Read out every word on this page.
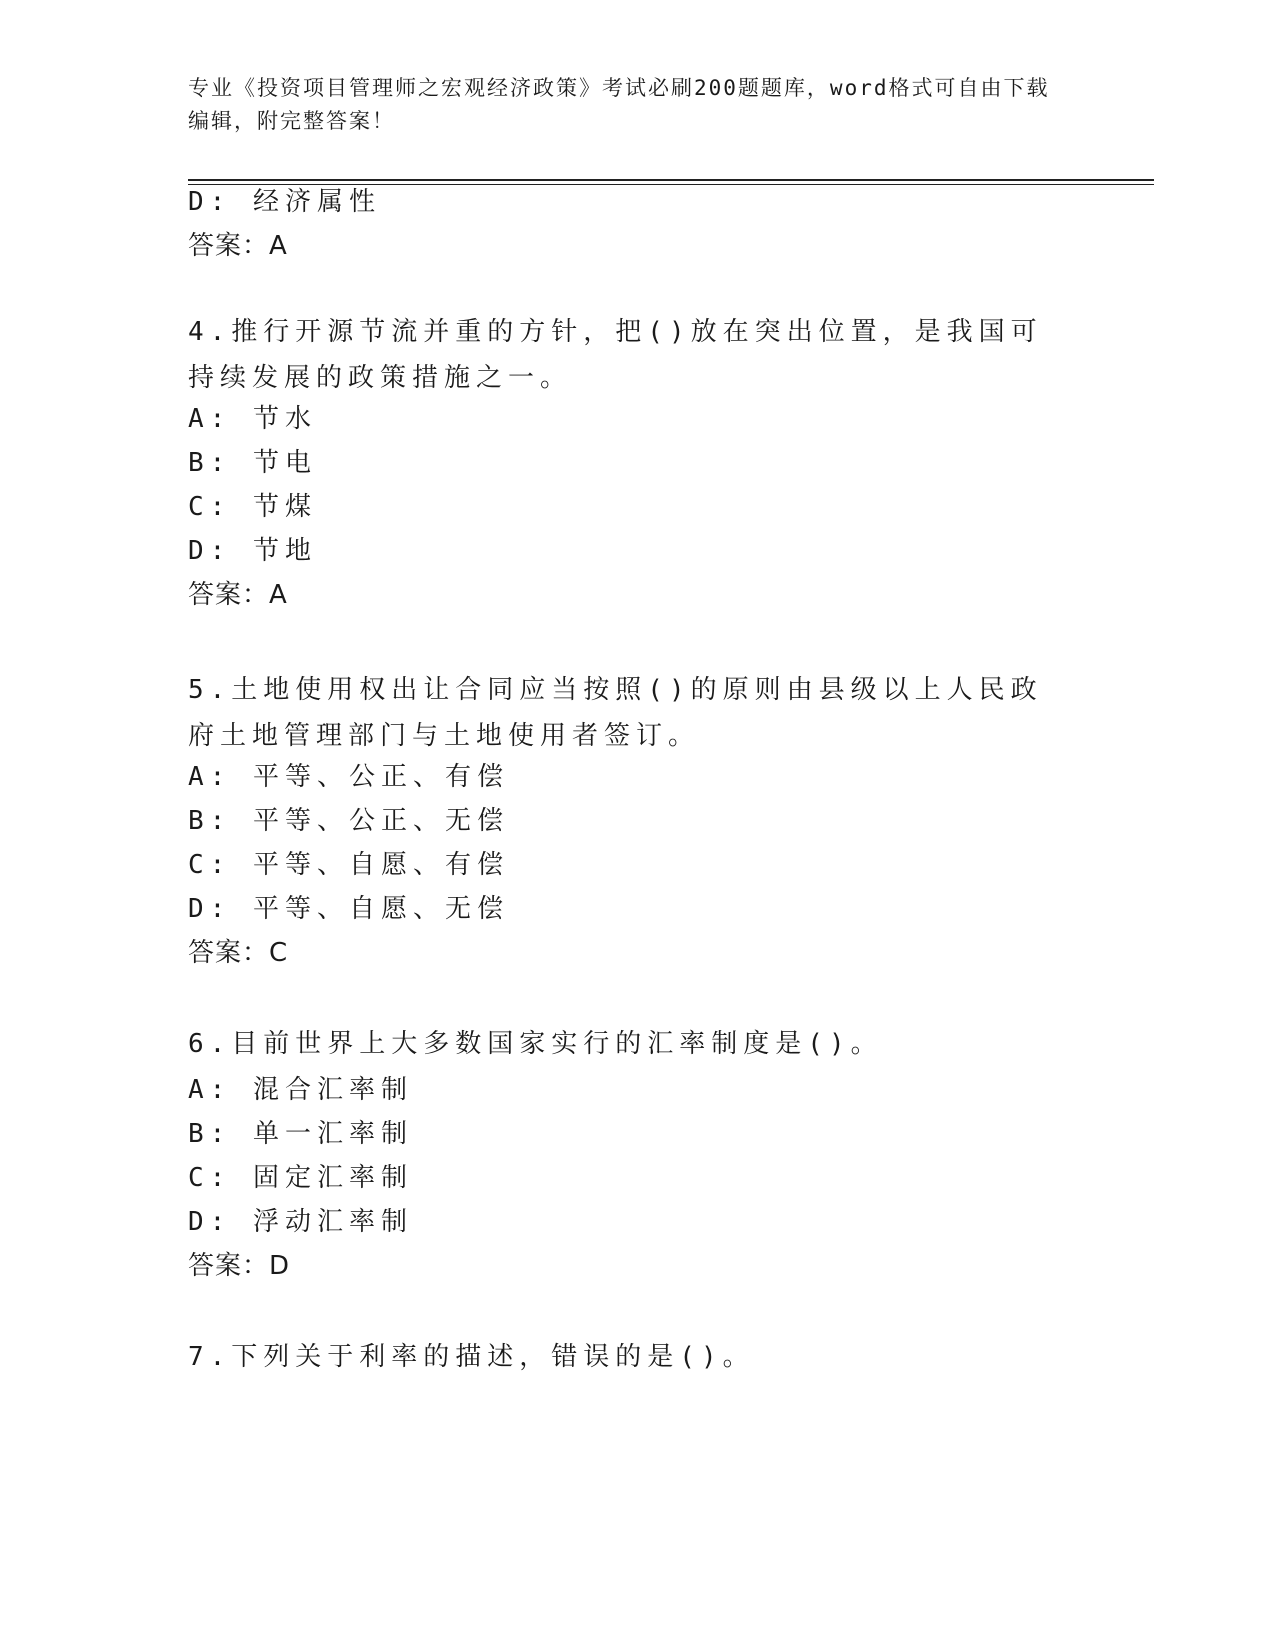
专业《投资项目管理师之宏观经济政策》考试必刷200题题库，word格式可自由下载编辑，附完整答案！
D: 经济属性
答案：A
4.推行开源节流并重的方针，把()放在突出位置，是我国可持续发展的政策措施之一。
A: 节水
B: 节电
C: 节煤
D: 节地
答案：A
5.土地使用权出让合同应当按照()的原则由县级以上人民政府土地管理部门与土地使用者签订。
A: 平等、公正、有偿
B: 平等、公正、无偿
C: 平等、自愿、有偿
D: 平等、自愿、无偿
答案：C
6.目前世界上大多数国家实行的汇率制度是()。
A: 混合汇率制
B: 单一汇率制
C: 固定汇率制
D: 浮动汇率制
答案：D
7.下列关于利率的描述，错误的是()。
